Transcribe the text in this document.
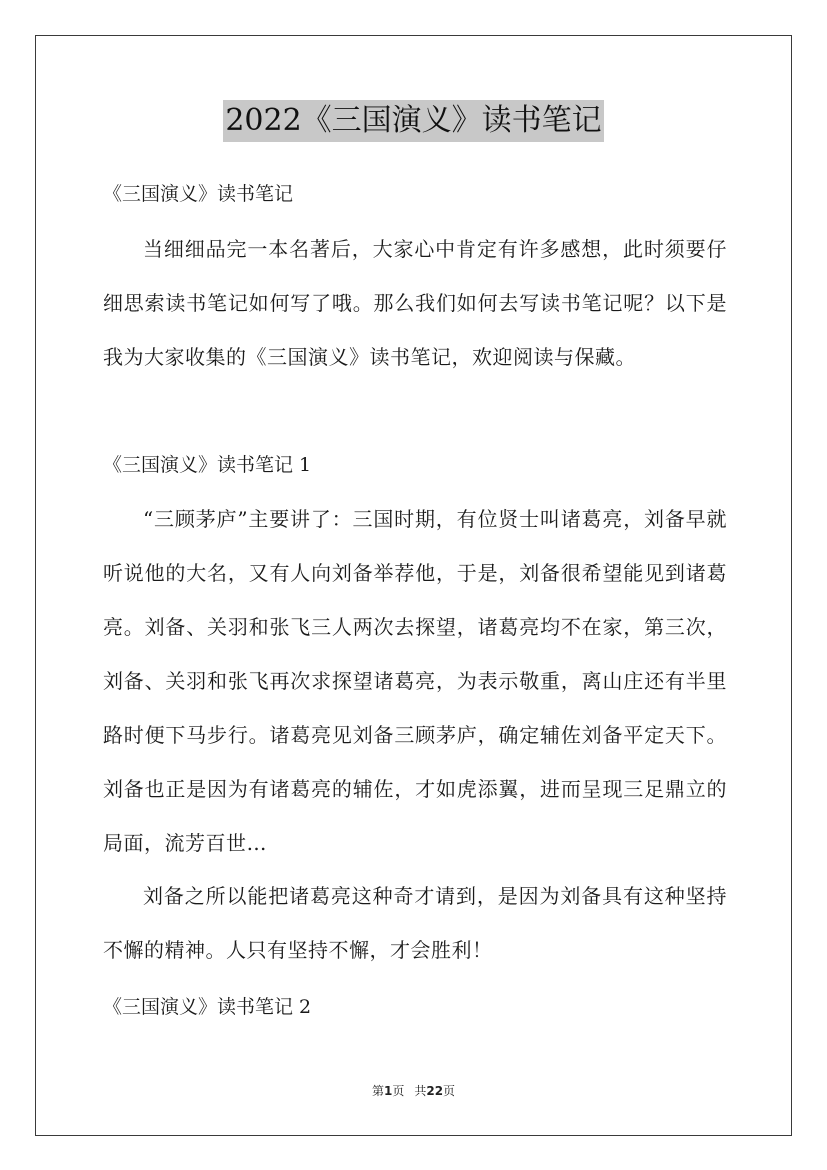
2022《三国演义》读书笔记
《三国演义》读书笔记

当细细品完一本名著后，大家心中肯定有许多感想，此时须要仔细思索读书笔记如何写了哦。那么我们如何去写读书笔记呢？以下是我为大家收集的《三国演义》读书笔记，欢迎阅读与保藏。

《三国演义》读书笔记 1

“三顾茅庐”主要讲了：三国时期，有位贤士叫诸葛亮，刘备早就听说他的大名，又有人向刘备举荐他，于是，刘备很希望能见到诸葛亮。刘备、关羽和张飞三人两次去探望，诸葛亮均不在家，第三次，刘备、关羽和张飞再次求探望诸葛亮，为表示敬重，离山庄还有半里路时便下马步行。诸葛亮见刘备三顾茅庐，确定辅佐刘备平定天下。刘备也正是因为有诸葛亮的辅佐，才如虎添翼，进而呈现三足鼎立的局面，流芳百世…

刘备之所以能把诸葛亮这种奇才请到，是因为刘备具有这种坚持不懈的精神。人只有坚持不懈，才会胜利！

《三国演义》读书笔记 2
第1页 共22页
